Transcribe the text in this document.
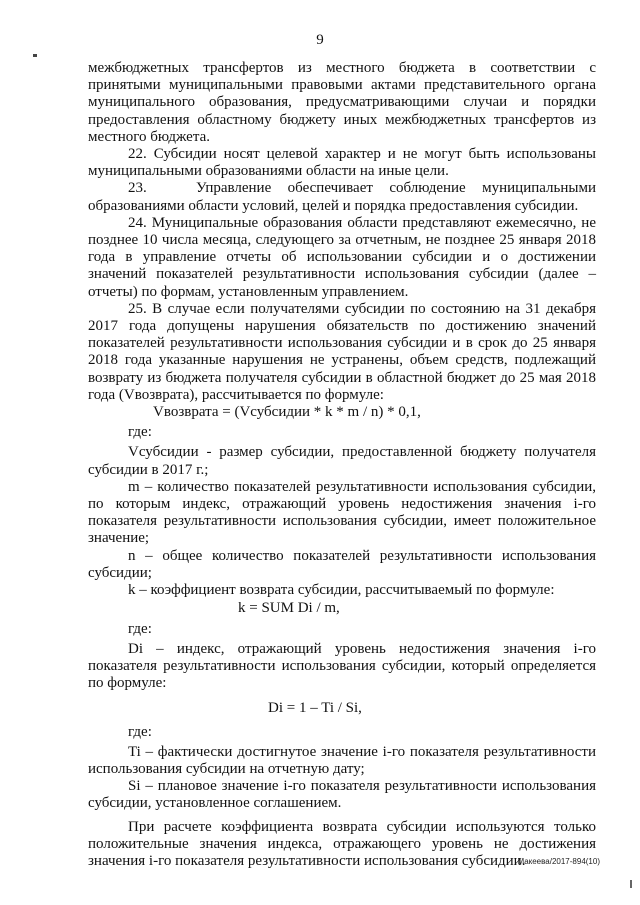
9

межбюджетных трансфертов из местного бюджета в соответствии с принятыми муниципальными правовыми актами представительного органа муниципального образования, предусматривающими случаи и порядки предоставления областному бюджету иных межбюджетных трансфертов из местного бюджета.

22. Субсидии носят целевой характер и не могут быть использованы муниципальными образованиями области на иные цели.

23.   Управление обеспечивает соблюдение муниципальными образованиями области условий, целей и порядка предоставления субсидии.

24. Муниципальные образования области представляют ежемесячно, не позднее 10 числа месяца, следующего за отчетным, не позднее 25 января 2018 года в управление отчеты об использовании субсидии и о достижении значений показателей результативности использования субсидии (далее – отчеты) по формам, установленным управлением.

25. В случае если получателями субсидии по состоянию на 31 декабря 2017 года допущены нарушения обязательств по достижению значений показателей результативности использования субсидии и в срок до 25 января 2018 года указанные нарушения не устранены, объем средств, подлежащий возврату из бюджета получателя субсидии в областной бюджет до 25 мая 2018 года (Vвозврата), рассчитывается по формуле:

Vвозврата = (Vсубсидии * k * m / n) * 0,1,

где:

Vсубсидии - размер субсидии, предоставленной бюджету получателя субсидии в 2017 г.;

m – количество показателей результативности использования субсидии, по которым индекс, отражающий уровень недостижения значения i-го показателя результативности использования субсидии, имеет положительное значение;

n – общее количество показателей результативности использования субсидии;

k – коэффициент возврата субсидии, рассчитываемый по формуле:

k = SUM Di / m,

где:

Di – индекс, отражающий уровень недостижения значения i-го показателя результативности использования субсидии, который определяется по формуле:

Di = 1 – Ti / Si,

где:

Ti – фактически достигнутое значение i-го показателя результативности использования субсидии на отчетную дату;

Si – плановое значение i-го показателя результативности использования субсидии, установленное соглашением.

При расчете коэффициента возврата субсидии используются только положительные значения индекса, отражающего уровень не достижения значения i-го показателя результативности использования субсидии.

Макеева/2017-894(10)
